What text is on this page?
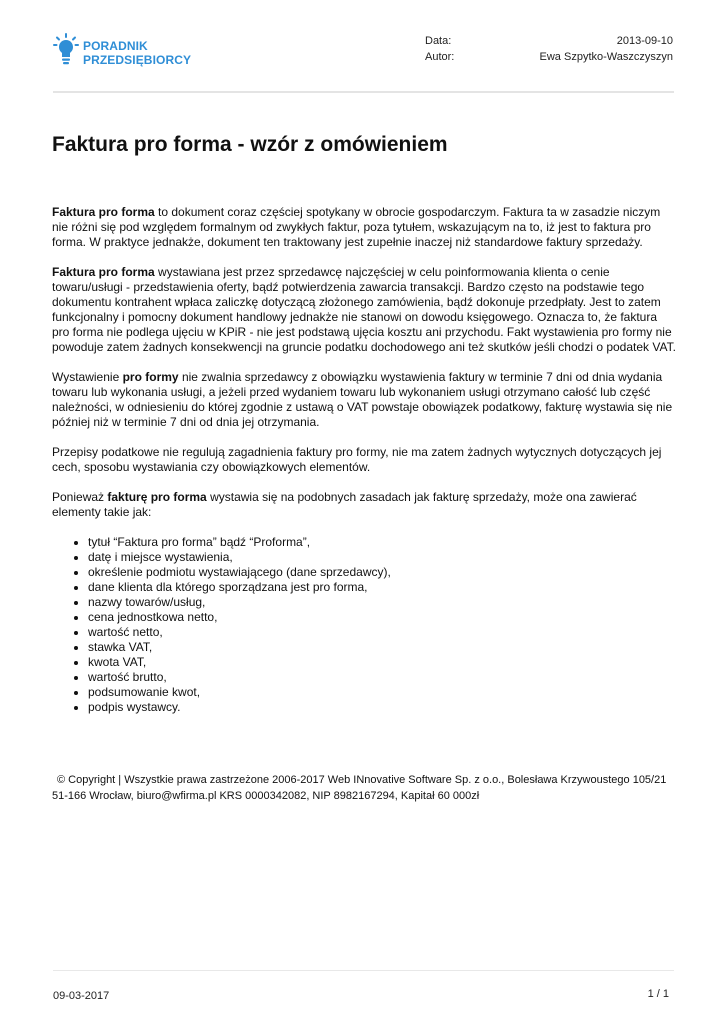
PORADNIK
PRZEDSIĘBIORCY
Data:	2013-09-10
Autor:	Ewa Szpytko-Waszczyszyn
Faktura pro forma - wzór z omówieniem

Faktura pro forma to dokument coraz częściej spotykany w obrocie gospodarczym. Faktura ta w zasadzie niczym nie różni się pod względem formalnym od zwykłych faktur, poza tytułem, wskazującym na to, iż jest to faktura pro forma. W praktyce jednakże, dokument ten traktowany jest zupełnie inaczej niż standardowe faktury sprzedaży.

Faktura pro forma wystawiana jest przez sprzedawcę najczęściej w celu poinformowania klienta o cenie towaru/usługi - przedstawienia oferty, bądź potwierdzenia zawarcia transakcji. Bardzo często na podstawie tego dokumentu kontrahent wpłaca zaliczkę dotyczącą złożonego zamówienia, bądź dokonuje przedpłaty. Jest to zatem funkcjonalny i pomocny dokument handlowy jednakże nie stanowi on dowodu księgowego. Oznacza to, że faktura pro forma nie podlega ujęciu w KPiR - nie jest podstawą ujęcia kosztu ani przychodu. Fakt wystawienia pro formy nie powoduje zatem żadnych konsekwencji na gruncie podatku dochodowego ani też skutków jeśli chodzi o podatek VAT.

Wystawienie pro formy nie zwalnia sprzedawcy z obowiązku wystawienia faktury w terminie 7 dni od dnia wydania towaru lub wykonania usługi, a jeżeli przed wydaniem towaru lub wykonaniem usługi otrzymano całość lub część należności, w odniesieniu do której zgodnie z ustawą o VAT powstaje obowiązek podatkowy, fakturę wystawia się nie później niż w terminie 7 dni od dnia jej otrzymania.

Przepisy podatkowe nie regulują zagadnienia faktury pro formy, nie ma zatem żadnych wytycznych dotyczących jej cech, sposobu wystawiania czy obowiązkowych elementów.

Ponieważ fakturę pro forma wystawia się na podobnych zasadach jak fakturę sprzedaży, może ona zawierać elementy takie jak:

• tytuł “Faktura pro forma” bądź “Proforma”,
• datę i miejsce wystawienia,
• określenie podmiotu wystawiającego (dane sprzedawcy),
• dane klienta dla którego sporządzana jest pro forma,
• nazwy towarów/usług,
• cena jednostkowa netto,
• wartość netto,
• stawka VAT,
• kwota VAT,
• wartość brutto,
• podsumowanie kwot,
• podpis wystawcy.
© Copyright | Wszystkie prawa zastrzeżone 2006-2017 Web INnovative Software Sp. z o.o., Bolesława Krzywoustego 105/21
51-166 Wrocław, biuro@wfirma.pl KRS 0000342082, NIP 8982167294, Kapitał 60 000zł
09-03-2017	1 / 1
